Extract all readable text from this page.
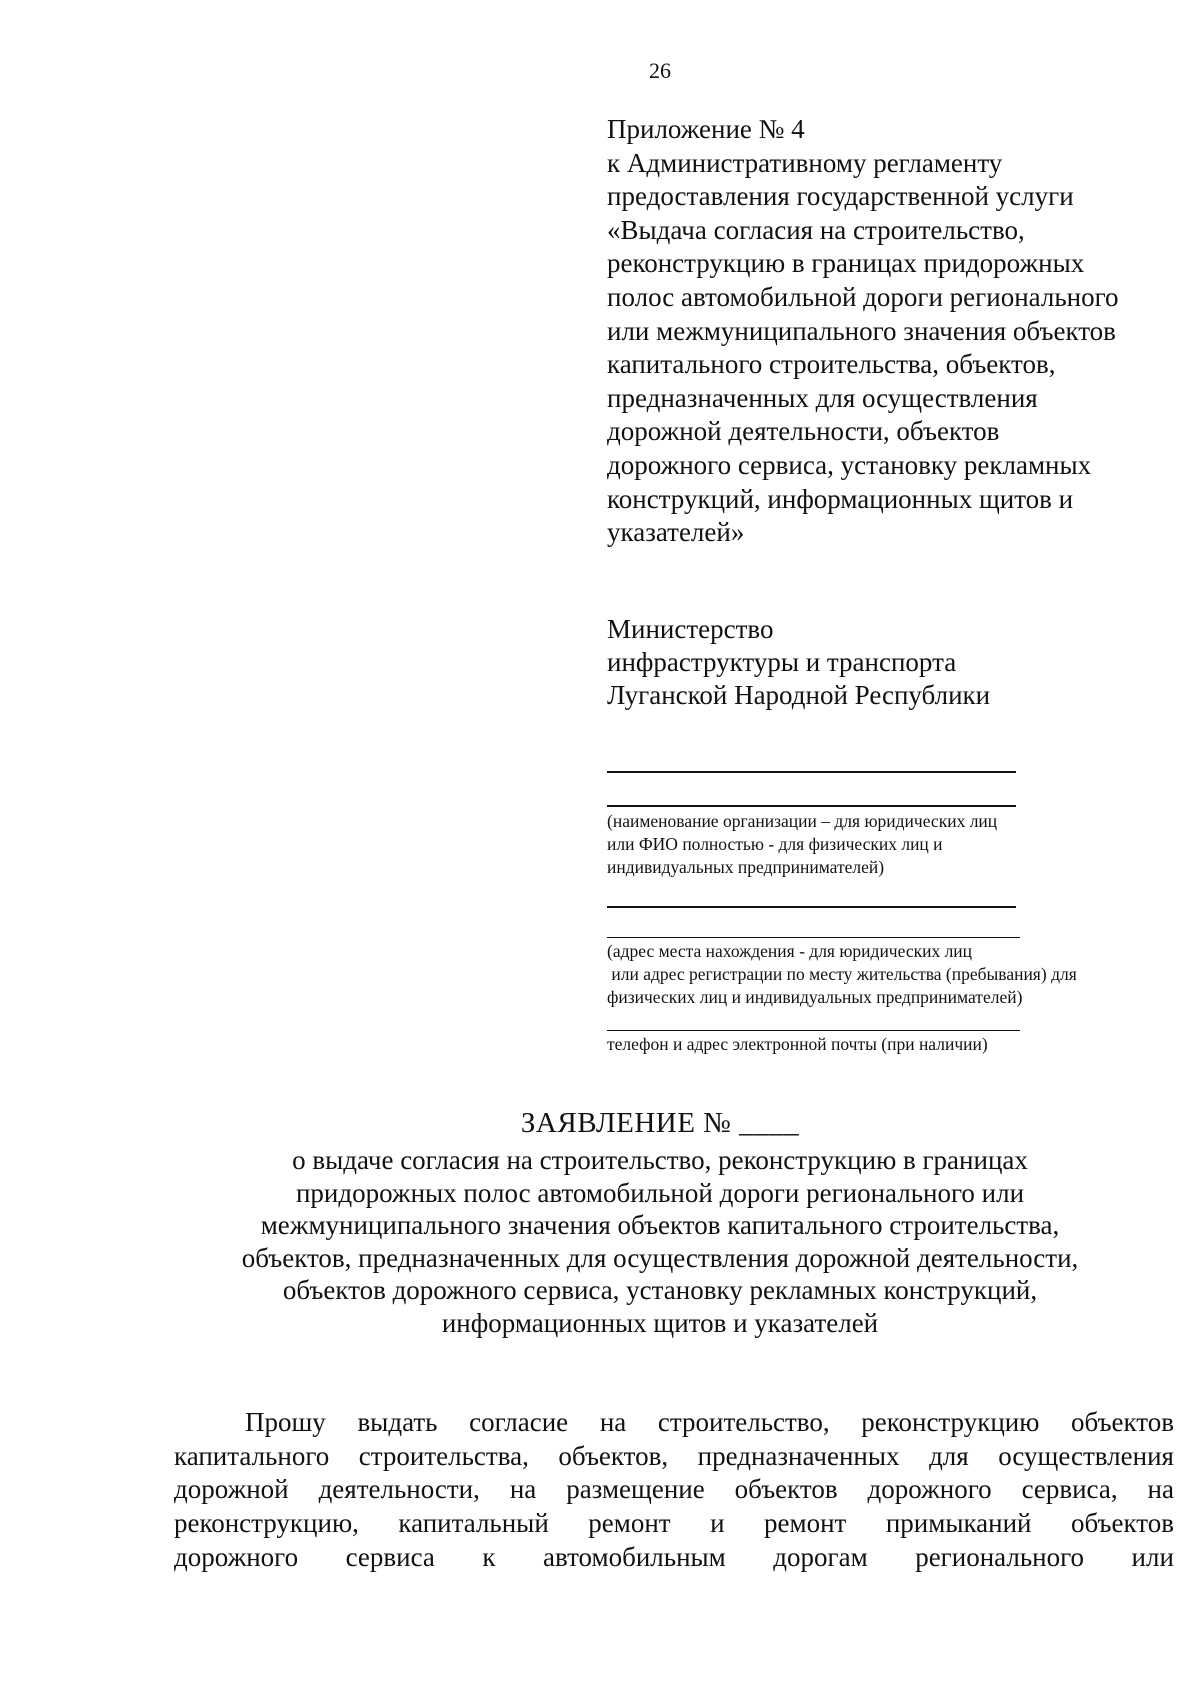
26
Приложение № 4
к Административному регламенту
предоставления государственной услуги
«Выдача согласия на строительство,
реконструкцию в границах придорожных
полос автомобильной дороги регионального
или межмуниципального значения объектов
капитального строительства, объектов,
предназначенных для осуществления
дорожной деятельности, объектов
дорожного сервиса, установку рекламных
конструкций, информационных щитов и
указателей»
Министерство
инфраструктуры и транспорта
Луганской Народной Республики
(наименование организации – для юридических лиц
или ФИО полностью - для физических лиц и
индивидуальных предпринимателей)
(адрес места нахождения - для юридических лиц
или адрес регистрации по месту жительства (пребывания) для
физических лиц и индивидуальных предпринимателей)
телефон и адрес электронной почты (при наличии)
ЗАЯВЛЕНИЕ № ____
о выдаче согласия на строительство, реконструкцию в границах
придорожных полос автомобильной дороги регионального или
межмуниципального значения объектов капитального строительства,
объектов, предназначенных для осуществления дорожной деятельности,
объектов дорожного сервиса, установку рекламных конструкций,
информационных щитов и указателей
Прошу выдать согласие на строительство, реконструкцию объектов
капитального строительства, объектов, предназначенных для осуществления
дорожной деятельности, на размещение объектов дорожного сервиса, на
реконструкцию, капитальный ремонт и ремонт примыканий объектов
дорожного сервиса к автомобильным дорогам регионального или
